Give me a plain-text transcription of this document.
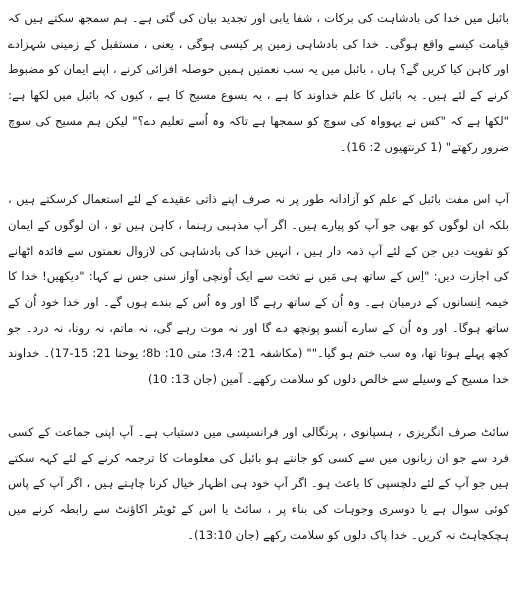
بائبل میں خدا کی بادشاہت کی برکات ، شفا یابی اور تجدید بیان کی گئی ہے۔ ہم سمجھ سکتے ہیں کہ قیامت کیسے واقع ہوگی۔ خدا کی بادشاہی زمین پر کیسی ہوگی ، یعنی ، مستقبل کے زمینی شہزادے اور کاہن کیا کریں گے؟ ہاں ، بائبل میں یہ سب نعمتیں ہمیں حوصلہ افزائی کرنے ، اپنے ایمان کو مضبوط کرنے کے لئے ہیں۔ یہ بائبل کا علم خداوند کا ہے ، یہ یسوع مسیح کا ہے ، کیوں کہ بائبل میں لکھا ہے: "لکھا ہے کہ "کس نے یہوواہ کی سوچ کو سمجھا ہے تاکہ وہ اُسے تعلیم دے؟" لیکن ہم مسیح کی سوچ ضرور رکھتے" (1 کرنتھیوں 2: 16)۔

آپ اس مفت بائبل کے علم کو آزادانہ طور پر نہ صرف اپنے ذاتی عقیدے کے لئے استعمال کرسکتے ہیں ، بلکہ ان لوگوں کو بھی جو آپ کو پیارے ہیں۔ اگر آپ مذہبی رہنما ، کاہن ہیں تو ، ان لوگوں کے ایمان کو تقویت دیں جن کے لئے آپ ذمہ دار ہیں ، انہیں خدا کی بادشاہی کی لازوال نعمتوں سے فائدہ اٹھانے کی اجازت دیں: "اِس کے ساتھ ہی مَیں نے تخت سے ایک اُونچی آواز سنی جس نے کہا: "دیکھیں! خدا کا خیمہ اِنسانوں کے درمیان ہے۔ وہ اُن کے ساتھ رہے گا اور وہ اُس کے بندے ہوں گے۔ اور خدا خود اُن کے ساتھ ہوگا۔ اور وہ اُن کے سارے آنسو پونچھ دے گا اور نہ موت رہے گی، نہ ماتم، نہ رونا، نہ درد۔ جو کچھ پہلے ہوتا تھا، وہ سب ختم ہو گیا۔"" (مکاشفہ 21: 3،4؛ متی 10: 8b؛ یوحنا 21: 15-17)۔ خداوند خدا مسیح کے وسیلے سے خالص دلوں کو سلامت رکھے۔ آمین (جان 13: 10)

سائٹ صرف انگریزی ، ہسپانوی ، پرتگالی اور فرانسیسی میں دستیاب ہے۔ آپ اپنی جماعت کے کسی فرد سے جو ان زبانوں میں سے کسی کو جانتے ہو بائبل کی معلومات کا ترجمہ کرنے کے لئے کہہ سکتے ہیں جو آپ کے لئے دلچسپی کا باعث ہو۔ اگر آپ خود ہی اظہار خیال کرنا چاہتے ہیں ، اگر آپ کے پاس کوئی سوال ہے یا دوسری وجوہات کی بناء پر ، سائٹ یا اس کے ٹویٹر اکاؤنٹ سے رابطہ کرنے میں ہچکچاہٹ نہ کریں۔ خدا پاک دلوں کو سلامت رکھے (جان 13:10)۔
